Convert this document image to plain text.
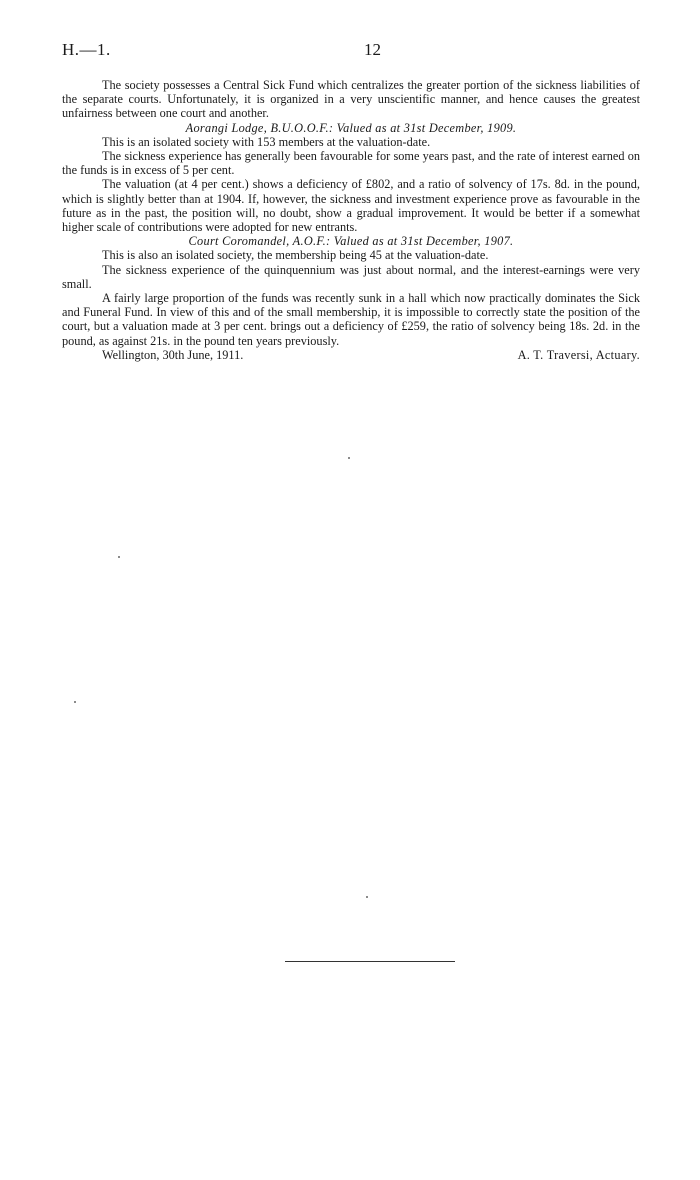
H.—1.	12

The society possesses a Central Sick Fund which centralizes the greater portion of the sickness liabilities of the separate courts. Unfortunately, it is organized in a very unscientific manner, and hence causes the greatest unfairness between one court and another.

Aorangi Lodge, B.U.O.O.F.: Valued as at 31st December, 1909.

This is an isolated society with 153 members at the valuation-date.

The sickness experience has generally been favourable for some years past, and the rate of interest earned on the funds is in excess of 5 per cent.

The valuation (at 4 per cent.) shows a deficiency of £802, and a ratio of solvency of 17s. 8d. in the pound, which is slightly better than at 1904. If, however, the sickness and investment experience prove as favourable in the future as in the past, the position will, no doubt, show a gradual improvement. It would be better if a somewhat higher scale of contributions were adopted for new entrants.

Court Coromandel, A.O.F.: Valued as at 31st December, 1907.

This is also an isolated society, the membership being 45 at the valuation-date.

The sickness experience of the quinquennium was just about normal, and the interest-earnings were very small.

A fairly large proportion of the funds was recently sunk in a hall which now practically dominates the Sick and Funeral Fund. In view of this and of the small membership, it is impossible to correctly state the position of the court, but a valuation made at 3 per cent. brings out a deficiency of £259, the ratio of solvency being 18s. 2d. in the pound, as against 21s. in the pound ten years previously.

Wellington, 30th June, 1911.	A. T. Traversi, Actuary.
